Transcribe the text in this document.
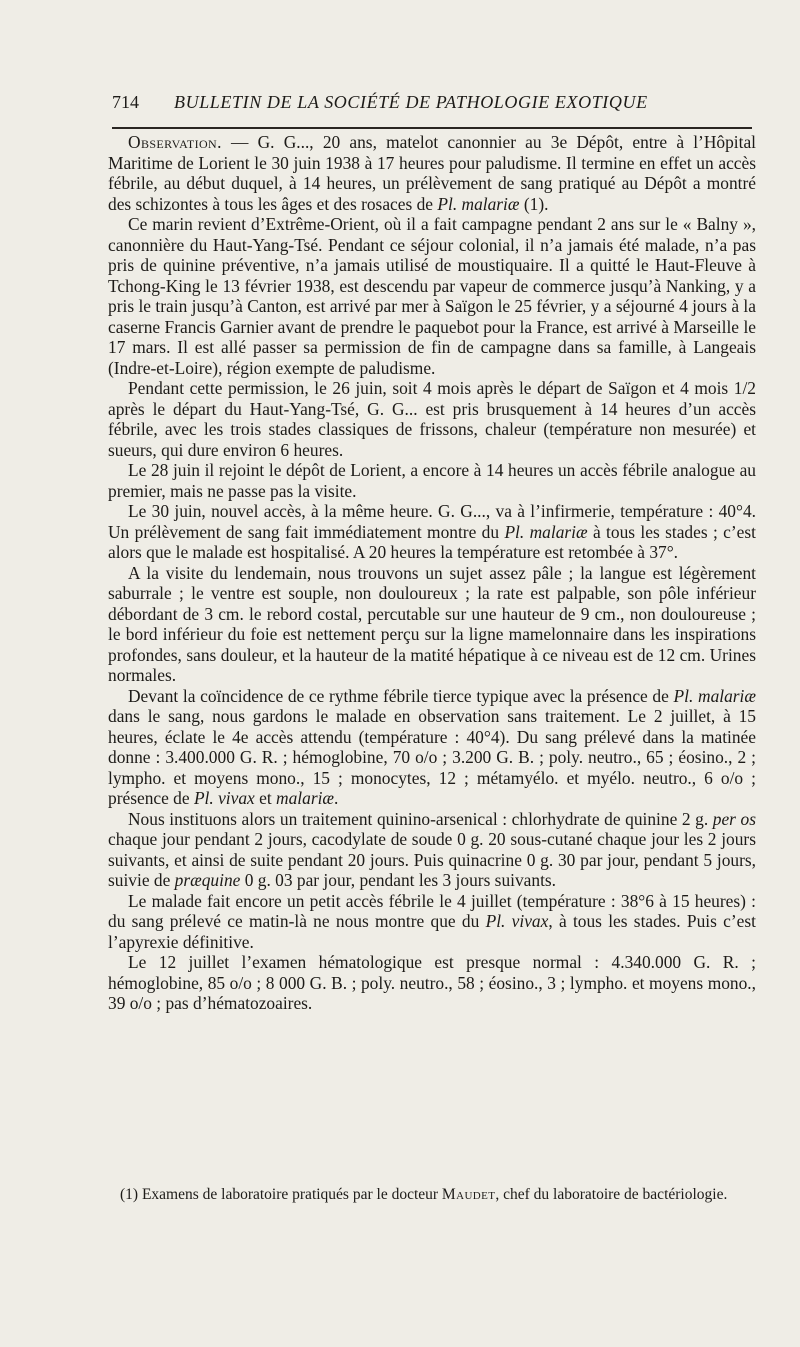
714 BULLETIN DE LA SOCIÉTÉ DE PATHOLOGIE EXOTIQUE

Observation. — G. G..., 20 ans, matelot canonnier au 3e Dépôt, entre à l’Hôpital Maritime de Lorient le 30 juin 1938 à 17 heures pour paludisme. Il termine en effet un accès fébrile, au début duquel, à 14 heures, un prélèvement de sang pratiqué au Dépôt a montré des schizontes à tous les âges et des rosaces de Pl. malariæ (1).

Ce marin revient d’Extrême-Orient, où il a fait campagne pendant 2 ans sur le « Balny », canonnière du Haut-Yang-Tsé. Pendant ce séjour colonial, il n’a jamais été malade, n’a pas pris de quinine préventive, n’a jamais utilisé de moustiquaire. Il a quitté le Haut-Fleuve à Tchong-King le 13 février 1938, est descendu par vapeur de commerce jusqu’à Nanking, y a pris le train jusqu’à Canton, est arrivé par mer à Saïgon le 25 février, y a séjourné 4 jours à la caserne Francis Garnier avant de prendre le paquebot pour la France, est arrivé à Marseille le 17 mars. Il est allé passer sa permission de fin de campagne dans sa famille, à Langeais (Indre-et-Loire), région exempte de paludisme.

Pendant cette permission, le 26 juin, soit 4 mois après le départ de Saïgon et 4 mois 1/2 après le départ du Haut-Yang-Tsé, G. G... est pris brusquement à 14 heures d’un accès fébrile, avec les trois stades classiques de frissons, chaleur (température non mesurée) et sueurs, qui dure environ 6 heures.

Le 28 juin il rejoint le dépôt de Lorient, a encore à 14 heures un accès fébrile analogue au premier, mais ne passe pas la visite.

Le 30 juin, nouvel accès, à la même heure. G. G..., va à l’infirmerie, température : 40°4. Un prélèvement de sang fait immédiatement montre du Pl. malariæ à tous les stades ; c’est alors que le malade est hospitalisé. A 20 heures la température est retombée à 37°.

A la visite du lendemain, nous trouvons un sujet assez pâle ; la langue est légèrement saburrale ; le ventre est souple, non douloureux ; la rate est palpable, son pôle inférieur débordant de 3 cm. le rebord costal, percutable sur une hauteur de 9 cm., non douloureuse ; le bord inférieur du foie est nettement perçu sur la ligne mamelonnaire dans les inspirations profondes, sans douleur, et la hauteur de la matité hépatique à ce niveau est de 12 cm. Urines normales.

Devant la coïncidence de ce rythme fébrile tierce typique avec la présence de Pl. malariæ dans le sang, nous gardons le malade en observation sans traitement. Le 2 juillet, à 15 heures, éclate le 4e accès attendu (température : 40°4). Du sang prélevé dans la matinée donne : 3.400.000 G. R. ; hémoglobine, 70 o/o ; 3.200 G. B. ; poly. neutro., 65 ; éosino., 2 ; lympho. et moyens mono., 15 ; monocytes, 12 ; métamyélo. et myélo. neutro., 6 o/o ; présence de Pl. vivax et malariæ.

Nous instituons alors un traitement quinino-arsenical : chlorhydrate de quinine 2 g. per os chaque jour pendant 2 jours, cacodylate de soude 0 g. 20 sous-cutané chaque jour les 2 jours suivants, et ainsi de suite pendant 20 jours. Puis quinacrine 0 g. 30 par jour, pendant 5 jours, suivie de præquine 0 g. 03 par jour, pendant les 3 jours suivants.

Le malade fait encore un petit accès fébrile le 4 juillet (température : 38°6 à 15 heures) : du sang prélevé ce matin-là ne nous montre que du Pl. vivax, à tous les stades. Puis c’est l’apyrexie définitive.

Le 12 juillet l’examen hématologique est presque normal : 4.340.000 G. R. ; hémoglobine, 85 o/o ; 8 000 G. B. ; poly. neutro., 58 ; éosino., 3 ; lympho. et moyens mono., 39 o/o ; pas d’hématozoaires.

(1) Examens de laboratoire pratiqués par le docteur Maudet, chef du laboratoire de bactériologie.
